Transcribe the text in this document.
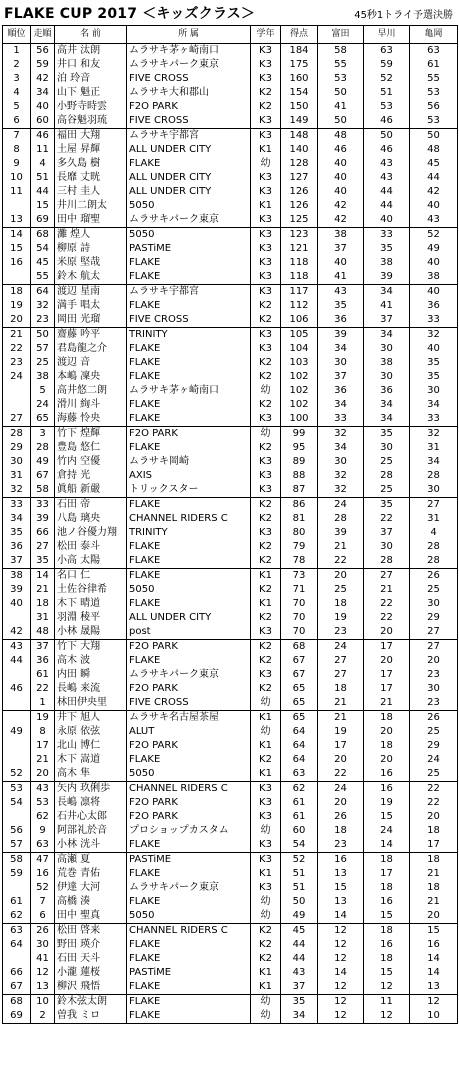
FLAKE CUP 2017 ＜キッズクラス＞	45秒1トライ予選決勝
順位	走順	名 前	所 属	学年	得点	富田	早川	亀岡
1	56	高井 汰朗	ムラサキ茅ヶ崎南口	K3	184	58	63	63
2	59	井口 和友	ムラサキパーク東京	K3	175	55	59	61
3	42	泊 玲音	FIVE CROSS	K3	160	53	52	55
4	34	山下 魁正	ムラサキ大和郡山	K2	154	50	51	53
5	40	小野寺時雲	F2O PARK	K2	150	41	53	56
6	60	高谷魁羽琉	FIVE CROSS	K3	149	50	46	53
7	46	福田 大翔	ムラサキ宇都宮	K3	148	48	50	50
8	11	土屋 昇輝	ALL UNDER CITY	K1	140	46	46	48
9	4	多久島 樹	FLAKE	幼	128	40	43	45
10	51	長靡 丈晄	ALL UNDER CITY	K3	127	40	43	44
11	44	三村 圭人	ALL UNDER CITY	K3	126	40	44	42
	15	井川二朗太	5050	K1	126	42	44	40
13	69	田中 瑠聖	ムラサキパーク東京	K3	125	42	40	43
14	68	灘 煌人	5050	K3	123	38	33	52
15	54	柳原 詩	PASTiME	K3	121	37	35	49
16	45	米原 堅哉	FLAKE	K3	118	40	38	40
	55	鈴木 航太	FLAKE	K3	118	41	39	38
18	64	渡辺 星南	ムラサキ宇都宮	K3	117	43	34	40
19	32	満手 唱太	FLAKE	K2	112	35	41	36
20	23	岡田 光瑠	FIVE CROSS	K2	106	36	37	33
21	50	齋藤 吟平	TRINITY	K3	105	39	34	32
22	57	君島龍之介	FLAKE	K3	104	34	30	40
23	25	渡辺 音	FLAKE	K2	103	30	38	35
24	38	本嶋 凜央	FLAKE	K2	102	37	30	35
	5	高井悠二朗	ムラサキ茅ヶ崎南口	幼	102	36	36	30
	24	滑川 絢斗	FLAKE	K2	102	34	34	34
27	65	海藤 怜央	FLAKE	K3	100	33	34	33
28	3	竹下 煌輝	F2O PARK	幼	99	32	35	32
29	28	豊島 悠仁	FLAKE	K2	95	34	30	31
30	49	竹内 空優	ムラサキ岡崎	K3	89	30	25	34
31	67	倉持 光	AXIS	K3	88	32	28	28
32	58	眞船 新嚴	トリックスター	K3	87	32	25	30
33	33	石田 帝	FLAKE	K2	86	24	35	27
34	39	八島 璃央	CHANNEL RIDERS C	K2	81	28	22	31
35	66	池ノ谷優力翔	TRINITY	K3	80	39	37	4
36	27	松田 泰斗	FLAKE	K2	79	21	30	28
37	35	小高 太陽	FLAKE	K2	78	22	28	28
38	14	名口 仁	FLAKE	K1	73	20	27	26
39	21	土佐谷律希	5050	K2	71	25	21	25
40	18	木下 晴道	FLAKE	K1	70	18	22	30
	31	羽淵 稜平	ALL UNDER CITY	K2	70	19	22	29
42	48	小林 晟陽	post	K3	70	23	20	27
43	37	竹下 大翔	F2O PARK	K2	68	24	17	27
44	36	高木 波	FLAKE	K2	67	27	20	20
	61	内田 瞬	ムラサキパーク東京	K3	67	27	17	23
46	22	長嶋 来流	F2O PARK	K2	65	18	17	30
	1	林田伊央里	FIVE CROSS	幼	65	21	21	23
	19	井下 旭人	ムラサキ名古屋茶屋	K1	65	21	18	26
49	8	永原 依弦	ALUT	幼	64	19	20	25
	17	北山 博仁	F2O PARK	K1	64	17	18	29
	21	木下 嵩道	FLAKE	K2	64	20	20	24
52	20	高木 隼	5050	K1	63	22	16	25
53	43	矢内 玖俐歩	CHANNEL RIDERS C	K3	62	24	16	22
54	53	長嶋 凛将	F2O PARK	K3	61	20	19	22
	62	石井心太郎	F2O PARK	K3	61	26	15	20
56	9	阿部礼於音	プロショップカスタム	幼	60	18	24	18
57	63	小林 洸斗	FLAKE	K3	54	23	14	17
58	47	高瀬 夏	PASTiME	K3	52	16	18	18
59	16	荒巻 青佑	FLAKE	K1	51	13	17	21
	52	伊達 大河	ムラサキパーク東京	K3	51	15	18	18
61	7	高橋 湊	FLAKE	幼	50	13	16	21
62	6	田中 聖真	5050	幼	49	14	15	20
63	26	松田 啓来	CHANNEL RIDERS C	K2	45	12	18	15
64	30	野田 瑛介	FLAKE	K2	44	12	16	16
	41	石田 天斗	FLAKE	K2	44	12	18	14
66	12	小瀧 蓮桜	PASTiME	K1	43	14	15	14
67	13	柳沢 飛悟	FLAKE	K1	37	12	12	13
68	10	鈴木弦太朗	FLAKE	幼	35	12	11	12
69	2	曽我 ミロ	FLAKE	幼	34	12	12	10
